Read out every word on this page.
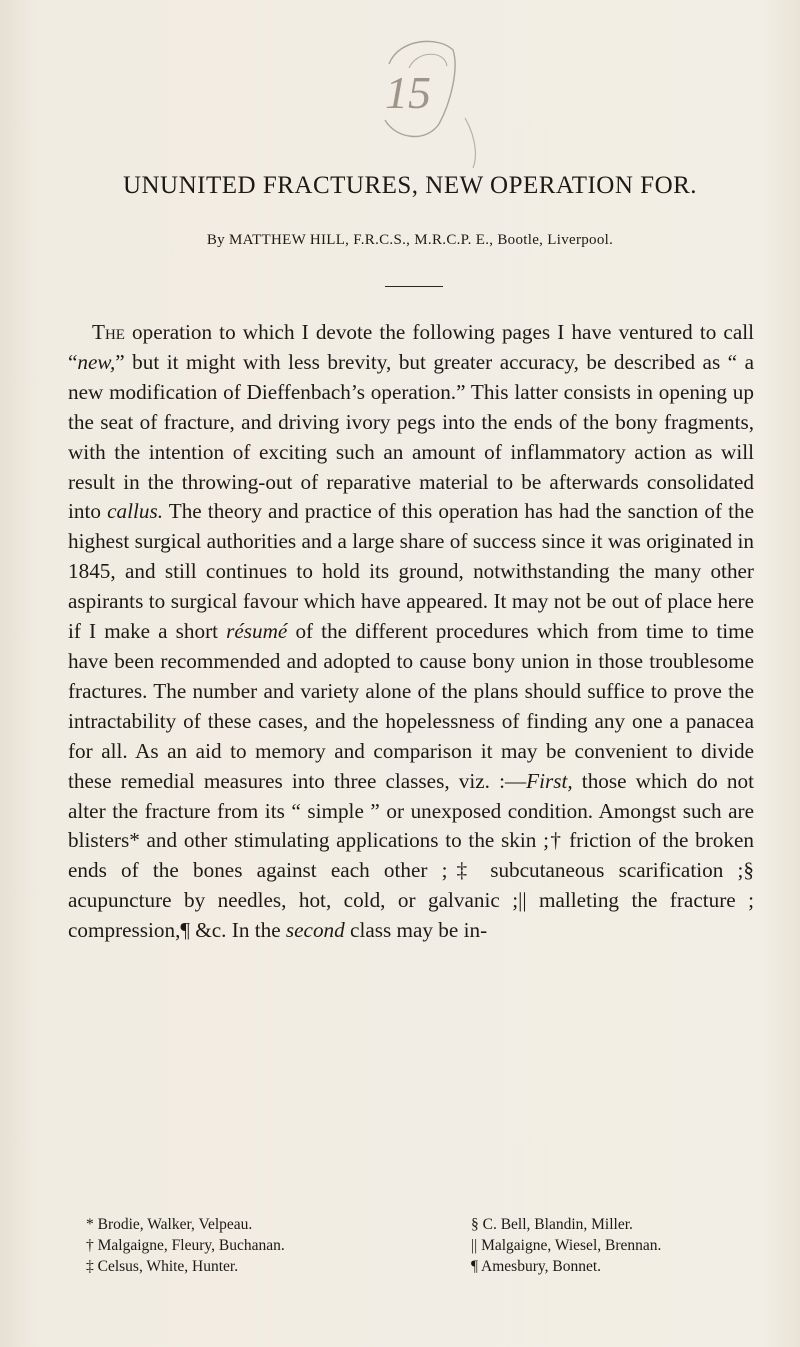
15
UNUNITED FRACTURES, NEW OPERATION FOR.
By MATTHEW HILL, F.R.C.S., M.R.C.P. E., Bootle, Liverpool.

The operation to which I devote the following pages I have ventured to call “new,” but it might with less brevity, but greater accuracy, be described as “ a new modification of Dieffenbach’s operation.” This latter consists in opening up the seat of fracture, and driving ivory pegs into the ends of the bony fragments, with the intention of exciting such an amount of inflammatory action as will result in the throwing-out of reparative material to be afterwards consolidated into callus. The theory and practice of this operation has had the sanction of the highest surgical authorities and a large share of success since it was originated in 1845, and still continues to hold its ground, notwithstanding the many other aspirants to surgical favour which have appeared. It may not be out of place here if I make a short résumé of the different procedures which from time to time have been recommended and adopted to cause bony union in those troublesome fractures. The number and variety alone of the plans should suffice to prove the intractability of these cases, and the hopelessness of finding any one a panacea for all. As an aid to memory and comparison it may be convenient to divide these remedial measures into three classes, viz. :—First, those which do not alter the fracture from its “ simple ” or unexposed condition. Amongst such are blisters* and other stimulating applications to the skin ;† friction of the broken ends of the bones against each other ;‡ subcutaneous scarification ;§ acupuncture by needles, hot, cold, or galvanic ;|| malleting the fracture ; compression,¶ &c. In the second class may be in-

* Brodie, Walker, Velpeau.
† Malgaigne, Fleury, Buchanan.
‡ Celsus, White, Hunter.
§ C. Bell, Blandin, Miller.
|| Malgaigne, Wiesel, Brennan.
¶ Amesbury, Bonnet.
